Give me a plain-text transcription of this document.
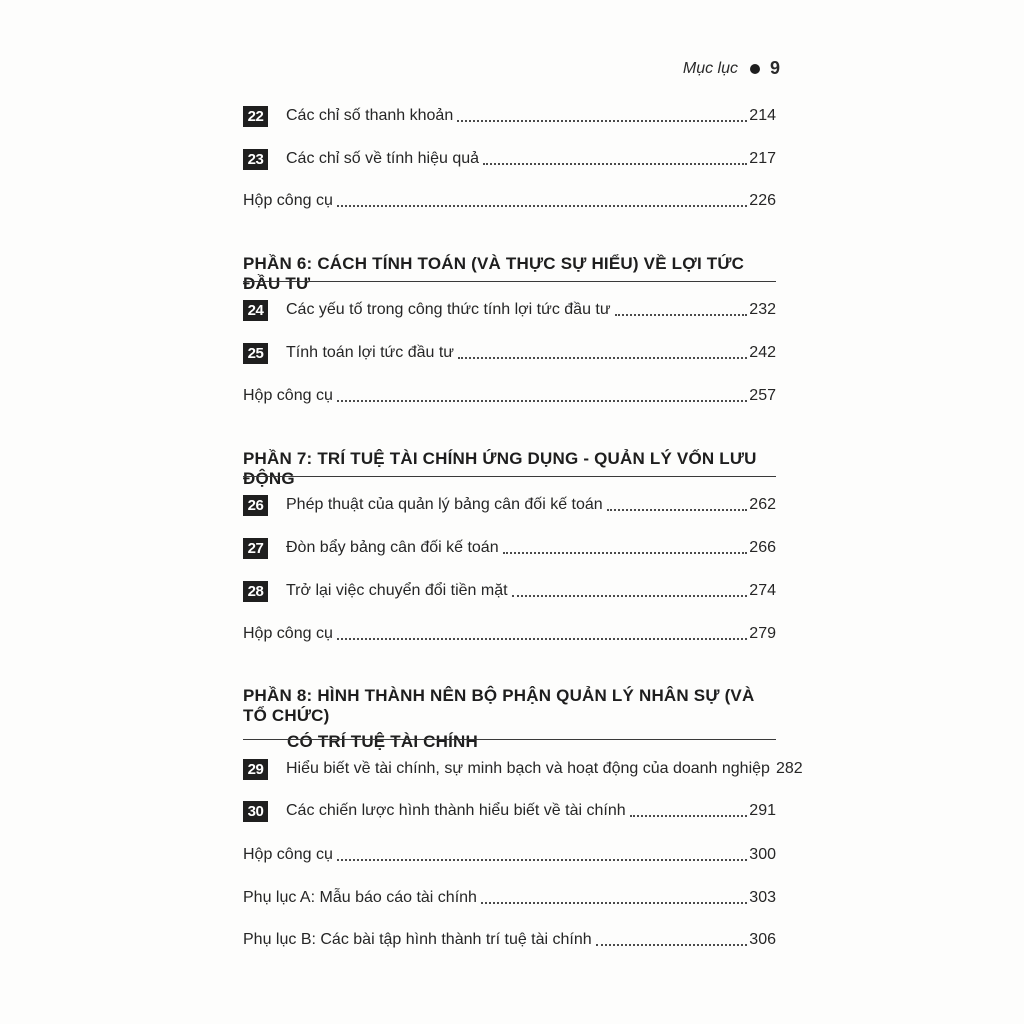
Mục lục 9
22 Các chỉ số thanh khoản	214
23 Các chỉ số về tính hiệu quả	217
Hộp công cụ	226
PHẦN 6: CÁCH TÍNH TOÁN (VÀ THỰC SỰ HIỂU) VỀ LỢI TỨC ĐẦU TƯ
24 Các yếu tố trong công thức tính lợi tức đầu tư	232
25 Tính toán lợi tức đầu tư	242
Hộp công cụ	257
PHẦN 7: TRÍ TUỆ TÀI CHÍNH ỨNG DỤNG - QUẢN LÝ VỐN LƯU ĐỘNG
26 Phép thuật của quản lý bảng cân đối kế toán	262
27 Đòn bẩy bảng cân đối kế toán	266
28 Trở lại việc chuyển đổi tiền mặt	274
Hộp công cụ	279
PHẦN 8: HÌNH THÀNH NÊN BỘ PHẬN QUẢN LÝ NHÂN SỰ (VÀ TỔ CHỨC)
CÓ TRÍ TUỆ TÀI CHÍNH
29 Hiểu biết về tài chính, sự minh bạch và hoạt động của doanh nghiệp 282
30 Các chiến lược hình thành hiểu biết về tài chính	291
Hộp công cụ	300
Phụ lục A: Mẫu báo cáo tài chính	303
Phụ lục B: Các bài tập hình thành trí tuệ tài chính	306
